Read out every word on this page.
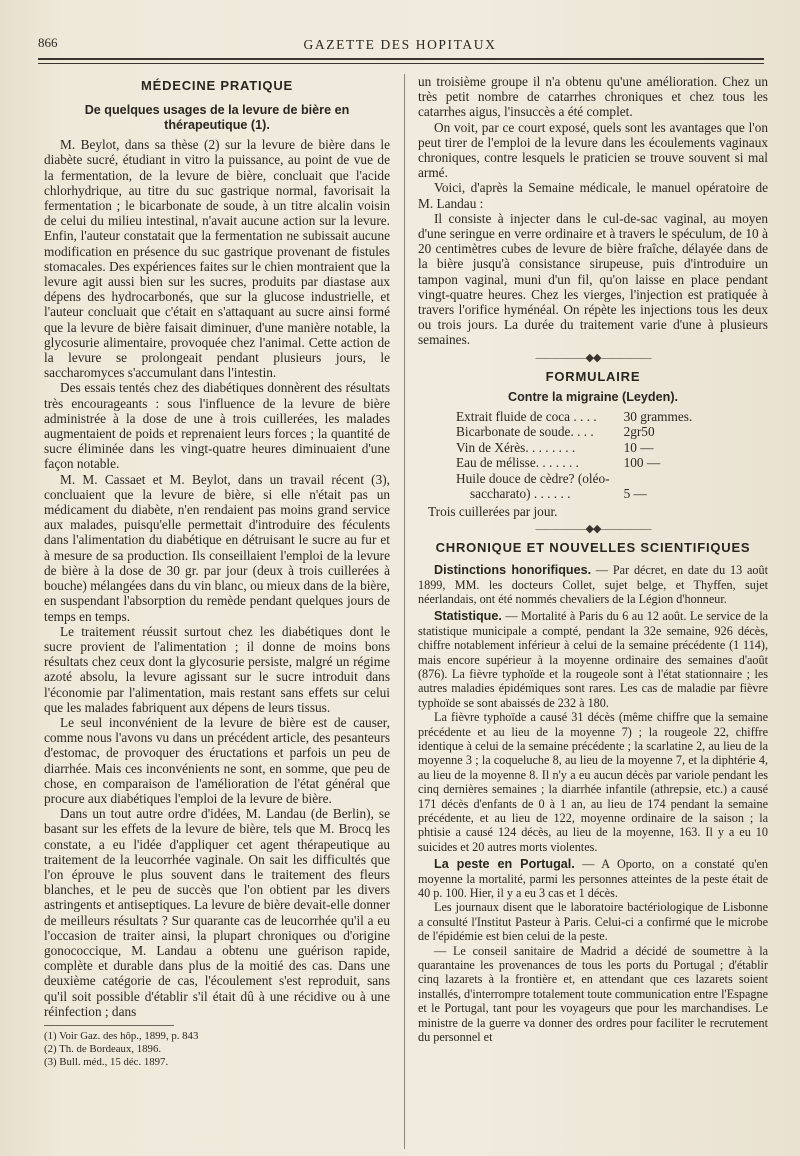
866	GAZETTE DES HOPITAUX
MÉDECINE PRATIQUE
De quelques usages de la levure de bière en thérapeutique (1).

M. Beylot, dans sa thèse (2) sur la levure de bière dans le diabète sucré, étudiant in vitro la puissance, au point de vue de la fermentation, de la levure de bière, concluait que l'acide chlorhydrique, au titre du suc gastrique normal, favorisait la fermentation ; le bicarbonate de soude, à un titre alcalin voisin de celui du milieu intestinal, n'avait aucune action sur la levure. Enfin, l'auteur constatait que la fermentation ne subissait aucune modification en présence du suc gastrique provenant de fistules stomacales. Des expériences faites sur le chien montraient que la levure agit aussi bien sur les sucres, produits par diastase aux dépens des hydrocarbonés, que sur la glucose industrielle, et l'auteur concluait que c'était en s'attaquant au sucre ainsi formé que la levure de bière faisait diminuer, d'une manière notable, la glycosurie alimentaire, provoquée chez l'animal. Cette action de la levure se prolongeait pendant plusieurs jours, le saccharomyces s'accumulant dans l'intestin.

Des essais tentés chez des diabétiques donnèrent des résultats très encourageants : sous l'influence de la levure de bière administrée à la dose de une à trois cuillerées, les malades augmentaient de poids et reprenaient leurs forces ; la quantité de sucre éliminée dans les vingt-quatre heures diminuaient d'une façon notable.

M. M. Cassaet et M. Beylot, dans un travail récent (3), concluaient que la levure de bière, si elle n'était pas un médicament du diabète, n'en rendaient pas moins grand service aux malades, puisqu'elle permettait d'introduire des féculents dans l'alimentation du diabétique en détruisant le sucre au fur et à mesure de sa production. Ils conseillaient l'emploi de la levure de bière à la dose de 30 gr. par jour (deux à trois cuillerées à bouche) mélangées dans du vin blanc, ou mieux dans de la bière, en suspendant l'absorption du remède pendant quelques jours de temps en temps.

Le traitement réussit surtout chez les diabétiques dont le sucre provient de l'alimentation ; il donne de moins bons résultats chez ceux dont la glycosurie persiste, malgré un régime azoté absolu, la levure agissant sur le sucre introduit dans l'économie par l'alimentation, mais restant sans effets sur celui que les malades fabriquent aux dépens de leurs tissus.

Le seul inconvénient de la levure de bière est de causer, comme nous l'avons vu dans un précédent article, des pesanteurs d'estomac, de provoquer des éructations et parfois un peu de diarrhée. Mais ces inconvénients ne sont, en somme, que peu de chose, en comparaison de l'amélioration de l'état général que procure aux diabétiques l'emploi de la levure de bière.

Dans un tout autre ordre d'idées, M. Landau (de Berlin), se basant sur les effets de la levure de bière, tels que M. Brocq les constate, a eu l'idée d'appliquer cet agent thérapeutique au traitement de la leucorrhée vaginale. On sait les difficultés que l'on éprouve le plus souvent dans le traitement des fleurs blanches, et le peu de succès que l'on obtient par les divers astringents et antiseptiques. La levure de bière devait-elle donner de meilleurs résultats ? Sur quarante cas de leucorrhée qu'il a eu l'occasion de traiter ainsi, la plupart chroniques ou d'origine gonococcique, M. Landau a obtenu une guérison rapide, complète et durable dans plus de la moitié des cas. Dans une deuxième catégorie de cas, l'écoulement s'est reproduit, sans qu'il soit possible d'établir s'il était dû à une récidive ou à une réinfection ; dans

(1) Voir Gaz. des hôp., 1899, p. 843

(2) Th. de Bordeaux, 1896.

(3) Bull. méd., 15 déc. 1897.

un troisième groupe il n'a obtenu qu'une amélioration. Chez un très petit nombre de catarrhes chroniques et chez tous les catarrhes aigus, l'insuccès a été complet.

On voit, par ce court exposé, quels sont les avantages que l'on peut tirer de l'emploi de la levure dans les écoulements vaginaux chroniques, contre lesquels le praticien se trouve souvent si mal armé.

Voici, d'après la Semaine médicale, le manuel opératoire de M. Landau :

Il consiste à injecter dans le cul-de-sac vaginal, au moyen d'une seringue en verre ordinaire et à travers le spéculum, de 10 à 20 centimètres cubes de levure de bière fraîche, délayée dans de la bière jusqu'à consistance sirupeuse, puis d'introduire un tampon vaginal, muni d'un fil, qu'on laisse en place pendant vingt-quatre heures. Chez les vierges, l'injection est pratiquée à travers l'orifice hyménéal. On répète les injections tous les deux ou trois jours. La durée du traitement varie d'une à plusieurs semaines.

—————◆◆—————
FORMULAIRE
Contre la migraine (Leyden).
Extrait fluide de coca . . . .	30 grammes.
Bicarbonate de soude. . . .	2gr50
Vin de Xérès. . . . . . . .	10 —
Eau de mélisse. . . . . . .	100 —
Huile douce de cèdre? (oléo-	
saccharato) . . . . . .	5 —

Trois cuillerées par jour.

—————◆◆—————
CHRONIQUE ET NOUVELLES SCIENTIFIQUES

Distinctions honorifiques. — Par décret, en date du 13 août 1899, MM. les docteurs Collet, sujet belge, et Thyffen, sujet néerlandais, ont été nommés chevaliers de la Légion d'honneur.

Statistique. — Mortalité à Paris du 6 au 12 août. Le service de la statistique municipale a compté, pendant la 32e semaine, 926 décès, chiffre notablement inférieur à celui de la semaine précédente (1 114), mais encore supérieur à la moyenne ordinaire des semaines d'août (876). La fièvre typhoïde et la rougeole sont à l'état stationnaire ; les autres maladies épidémiques sont rares. Les cas de maladie par fièvre typhoïde se sont abaissés de 232 à 180.

La fièvre typhoïde a causé 31 décès (même chiffre que la semaine précédente et au lieu de la moyenne 7) ; la rougeole 22, chiffre identique à celui de la semaine précédente ; la scarlatine 2, au lieu de la moyenne 3 ; la coqueluche 8, au lieu de la moyenne 7, et la diphtérie 4, au lieu de la moyenne 8. Il n'y a eu aucun décès par variole pendant les cinq dernières semaines ; la diarrhée infantile (athrepsie, etc.) a causé 171 décès d'enfants de 0 à 1 an, au lieu de 174 pendant la semaine précédente, et au lieu de 122, moyenne ordinaire de la saison ; la phtisie a causé 124 décès, au lieu de la moyenne, 163. Il y a eu 10 suicides et 20 autres morts violentes.

La peste en Portugal. — A Oporto, on a constaté qu'en moyenne la mortalité, parmi les personnes atteintes de la peste était de 40 p. 100. Hier, il y a eu 3 cas et 1 décès.

Les journaux disent que le laboratoire bactériologique de Lisbonne a consulté l'Institut Pasteur à Paris. Celui-ci a confirmé que le microbe de l'épidémie est bien celui de la peste.

— Le conseil sanitaire de Madrid a décidé de soumettre à la quarantaine les provenances de tous les ports du Portugal ; d'établir cinq lazarets à la frontière et, en attendant que ces lazarets soient installés, d'interrompre totalement toute communication entre l'Espagne et le Portugal, tant pour les voyageurs que pour les marchandises. Le ministre de la guerre va donner des ordres pour faciliter le recrutement du personnel et
